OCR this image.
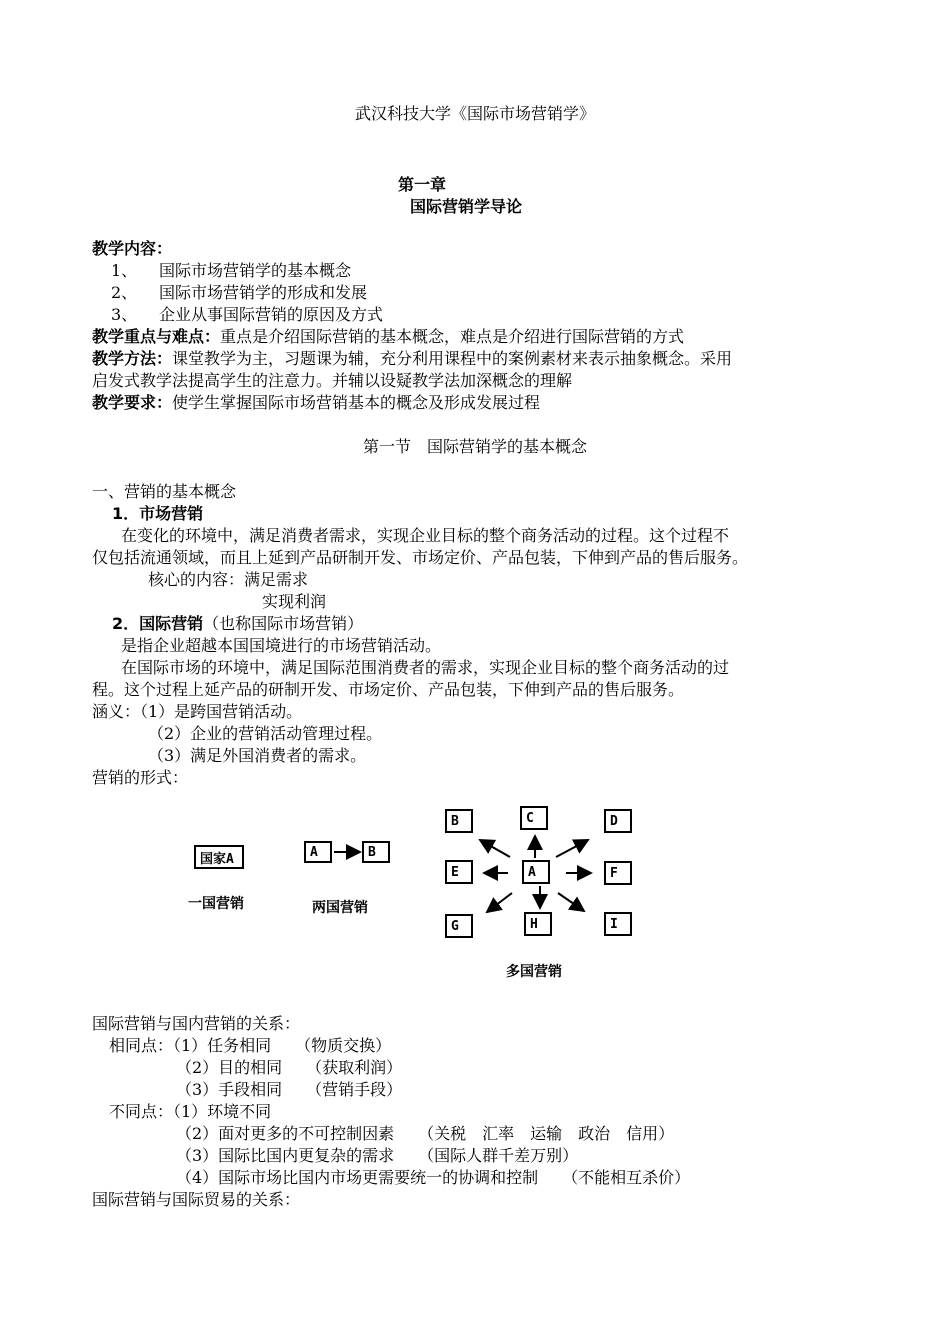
武汉科技大学《国际市场营销学》
第一章
国际营销学导论
教学内容：
1、 国际市场营销学的基本概念
2、 国际市场营销学的形成和发展
3、 企业从事国际营销的原因及方式
教学重点与难点：重点是介绍国际营销的基本概念，难点是介绍进行国际营销的方式
教学方法：课堂教学为主，习题课为辅，充分利用课程中的案例素材来表示抽象概念。采用
启发式教学法提高学生的注意力。并辅以设疑教学法加深概念的理解
教学要求：使学生掌握国际市场营销基本的概念及形成发展过程
第一节　国际营销学的基本概念
一、营销的基本概念
1．市场营销
在变化的环境中，满足消费者需求，实现企业目标的整个商务活动的过程。这个过程不
仅包括流通领域，而且上延到产品研制开发、市场定价、产品包装，下伸到产品的售后服务。
核心的内容：满足需求
实现利润
2．国际营销（也称国际市场营销）
是指企业超越本国国境进行的市场营销活动。
在国际市场的环境中，满足国际范围消费者的需求，实现企业目标的整个商务活动的过
程。这个过程上延产品的研制开发、市场定价、产品包装，下伸到产品的售后服务。
涵义：（1）是跨国营销活动。
（2）企业的营销活动管理过程。
（3）满足外国消费者的需求。
营销的形式：
国家A
一国营销
A	B
两国营销
A
B	C	D
E	F
G	H	I
多国营销
国际营销与国内营销的关系：
相同点：（1）任务相同　　（物质交换）
（2）目的相同　　（获取利润）
（3）手段相同　　（营销手段）
不同点：（1）环境不同
（2）面对更多的不可控制因素　　（关税　汇率　运输　政治　信用）
（3）国际比国内更复杂的需求　　（国际人群千差万别）
（4）国际市场比国内市场更需要统一的协调和控制　　（不能相互杀价）
国际营销与国际贸易的关系：
